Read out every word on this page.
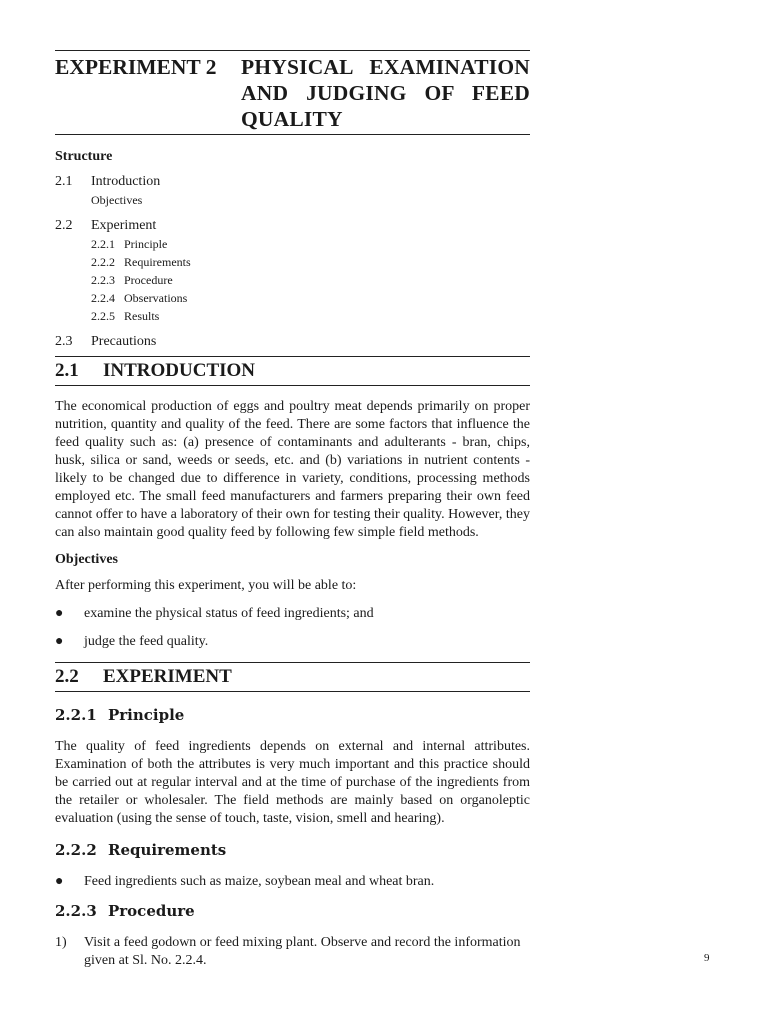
EXPERIMENT 2	PHYSICAL EXAMINATION AND JUDGING OF FEED QUALITY
Structure
2.1	Introduction
Objectives
2.2	Experiment
2.2.1 Principle
2.2.2 Requirements
2.2.3 Procedure
2.2.4 Observations
2.2.5 Results
2.3	Precautions
2.1	INTRODUCTION

The economical production of eggs and poultry meat depends primarily on proper nutrition, quantity and quality of the feed. There are some factors that influence the feed quality such as: (a) presence of contaminants and adulterants - bran, chips, husk, silica or sand, weeds or seeds, etc. and (b) variations in nutrient contents - likely to be changed due to difference in variety, conditions, processing methods employed etc. The small feed manufacturers and farmers preparing their own feed cannot offer to have a laboratory of their own for testing their quality. However, they can also maintain good quality feed by following few simple field methods.

Objectives

After performing this experiment, you will be able to:

●	examine the physical status of feed ingredients; and
●	judge the feed quality.
2.2	EXPERIMENT
2.2.1 Principle

The quality of feed ingredients depends on external and internal attributes. Examination of both the attributes is very much important and this practice should be carried out at regular interval and at the time of purchase of the ingredients from the retailer or wholesaler. The field methods are mainly based on organoleptic evaluation (using the sense of touch, taste, vision, smell and hearing).

2.2.2 Requirements
●	Feed ingredients such as maize, soybean meal and wheat bran.
2.2.3 Procedure
1)	Visit a feed godown or feed mixing plant. Observe and record the information given at Sl. No. 2.2.4.	9
